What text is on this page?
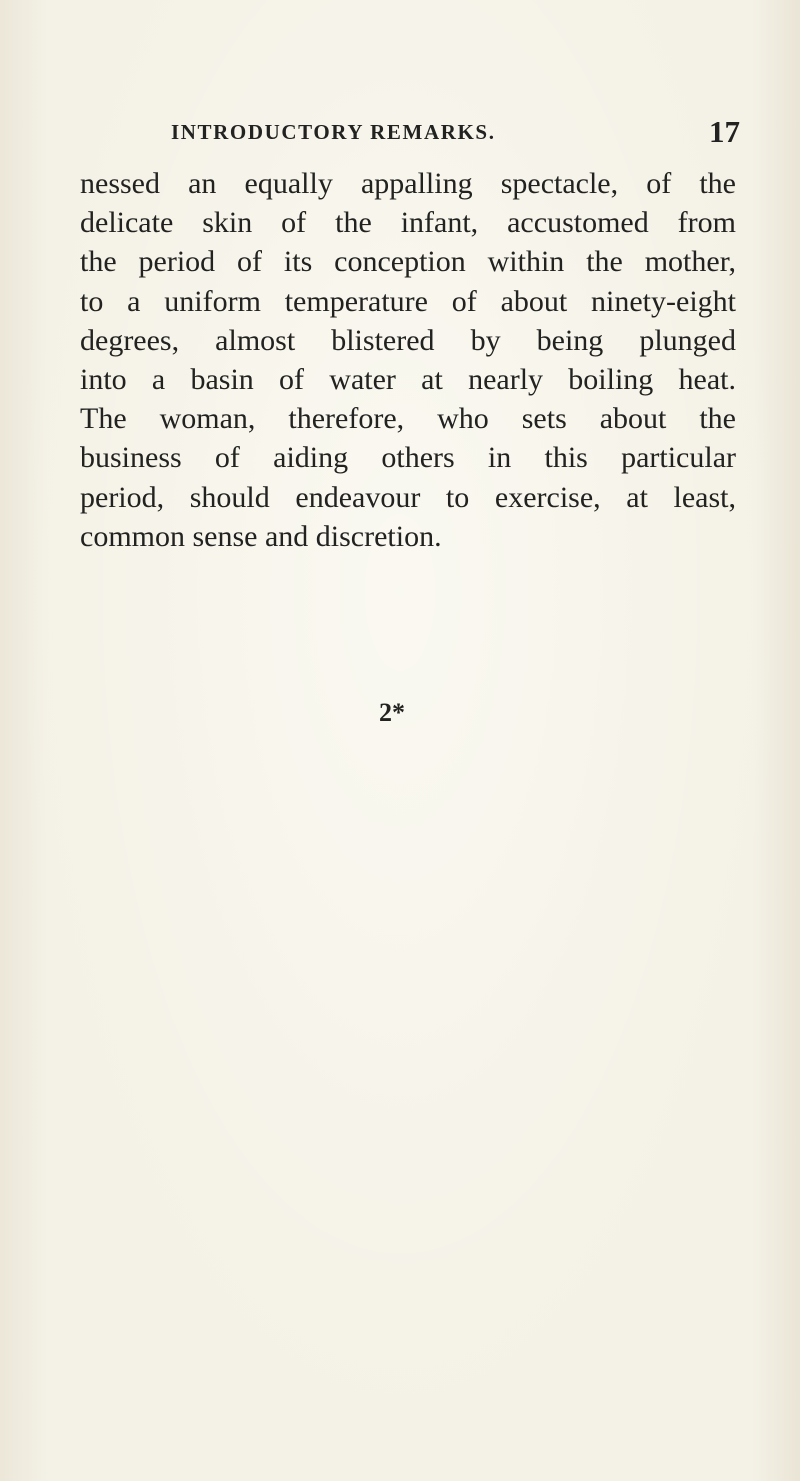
INTRODUCTORY REMARKS.	17
nessed an equally appalling spectacle, of the
delicate skin of the infant, accustomed from
the period of its conception within the mother,
to a uniform temperature of about ninety-eight
degrees, almost blistered by being plunged
into a basin of water at nearly boiling heat.
The woman, therefore, who sets about the
business of aiding others in this particular
period, should endeavour to exercise, at least,
common sense and discretion.
2*
